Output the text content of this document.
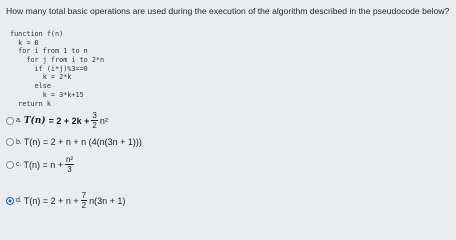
How many total basic operations are used during the execution of the algorithm described in the pseudocode below?
function f(n)
k = 0
for i from 1 to n
for j from i to 2*n
if (i*j)%3==0
k = 2*k
else
k = 3*k+15
return k
a. $T(n) = 2 + 2k + \frac{3}{2} n^2$
b. T(n) = 2 + n + n (4(n(3n + 1)))
c. $T(n) = n + \frac{\text{n²}}{3}$
d. $T(n) = 2 + n + \frac{7}{2} n(3n + 1)$
